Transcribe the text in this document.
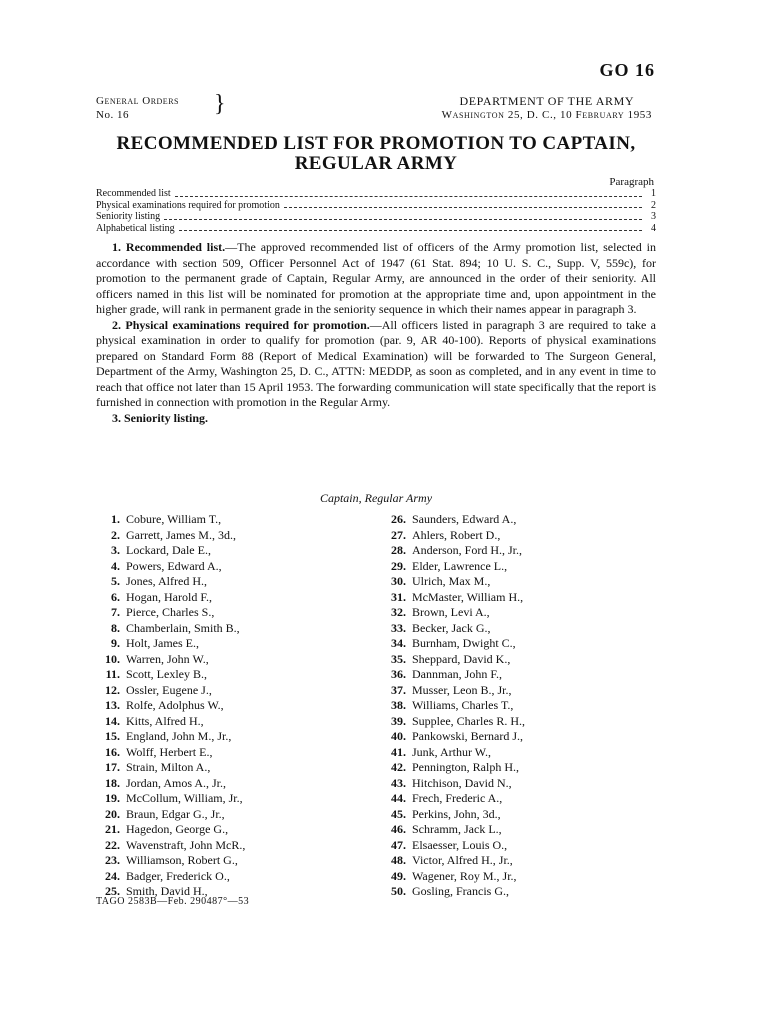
GO 16
General Orders
No. 16	}	DEPARTMENT OF THE ARMY
Washington 25, D. C., 10 February 1953
RECOMMENDED LIST FOR PROMOTION TO CAPTAIN,
REGULAR ARMY
Paragraph
Recommended list	1
Physical examinations required for promotion	2
Seniority listing	3
Alphabetical listing	4

1. Recommended list.—The approved recommended list of officers of the Army promotion list, selected in accordance with section 509, Officer Personnel Act of 1947 (61 Stat. 894; 10 U. S. C., Supp. V, 559c), for promotion to the permanent grade of Captain, Regular Army, are announced in the order of their seniority. All officers named in this list will be nominated for promotion at the appropriate time and, upon appointment in the higher grade, will rank in permanent grade in the seniority sequence in which their names appear in paragraph 3.

2. Physical examinations required for promotion.—All officers listed in paragraph 3 are required to take a physical examination in order to qualify for promotion (par. 9, AR 40-100). Reports of physical examinations prepared on Standard Form 88 (Report of Medical Examination) will be forwarded to The Surgeon General, Department of the Army, Washington 25, D. C., ATTN: MEDDP, as soon as completed, and in any event in time to reach that office not later than 15 April 1953. The forwarding communication will state specifically that the report is furnished in connection with promotion in the Regular Army.

3. Seniority listing.

Captain, Regular Army
1. Cobure, William T.,
2. Garrett, James M., 3d.,
3. Lockard, Dale E.,
4. Powers, Edward A.,
5. Jones, Alfred H.,
6. Hogan, Harold F.,
7. Pierce, Charles S.,
8. Chamberlain, Smith B.,
9. Holt, James E.,
10. Warren, John W.,
11. Scott, Lexley B.,
12. Ossler, Eugene J.,
13. Rolfe, Adolphus W.,
14. Kitts, Alfred H.,
15. England, John M., Jr.,
16. Wolff, Herbert E.,
17. Strain, Milton A.,
18. Jordan, Amos A., Jr.,
19. McCollum, William, Jr.,
20. Braun, Edgar G., Jr.,
21. Hagedon, George G.,
22. Wavenstraft, John McR.,
23. Williamson, Robert G.,
24. Badger, Frederick O.,
25. Smith, David H.,
26. Saunders, Edward A.,
27. Ahlers, Robert D.,
28. Anderson, Ford H., Jr.,
29. Elder, Lawrence L.,
30. Ulrich, Max M.,
31. McMaster, William H.,
32. Brown, Levi A.,
33. Becker, Jack G.,
34. Burnham, Dwight C.,
35. Sheppard, David K.,
36. Dannman, John F.,
37. Musser, Leon B., Jr.,
38. Williams, Charles T.,
39. Supplee, Charles R. H.,
40. Pankowski, Bernard J.,
41. Junk, Arthur W.,
42. Pennington, Ralph H.,
43. Hitchison, David N.,
44. Frech, Frederic A.,
45. Perkins, John, 3d.,
46. Schramm, Jack L.,
47. Elsaesser, Louis O.,
48. Victor, Alfred H., Jr.,
49. Wagener, Roy M., Jr.,
50. Gosling, Francis G.,
TAGO 2583B—Feb. 290487°—53
